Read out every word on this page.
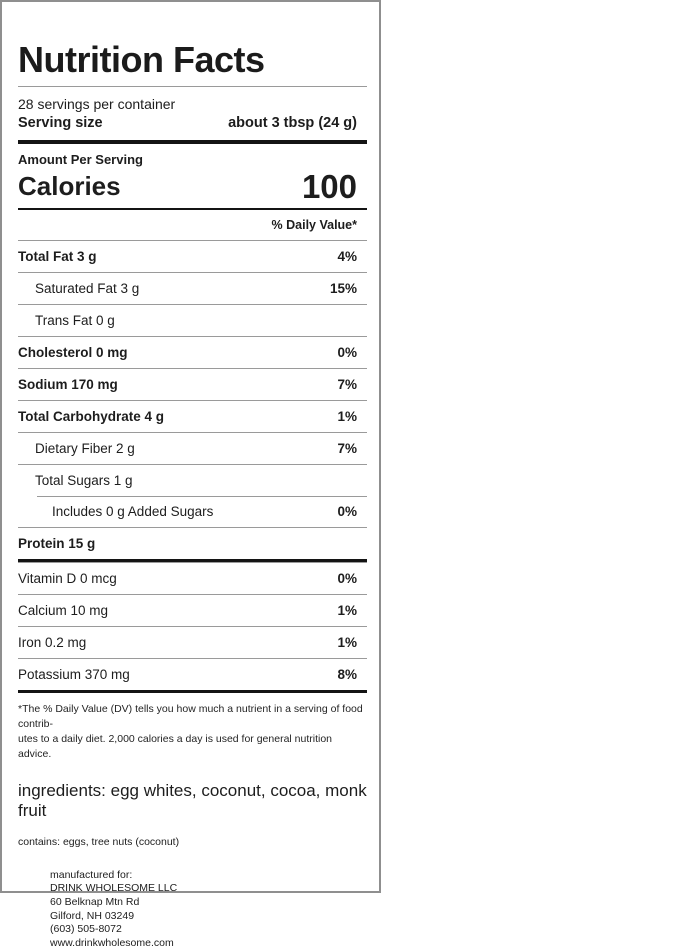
Nutrition Facts
28 servings per container
Serving size	about 3 tbsp (24 g)
Amount Per Serving
Calories	100
% Daily Value*
Total Fat 3 g	4%
Saturated Fat 3 g	15%
Trans Fat 0 g
Cholesterol 0 mg	0%
Sodium 170 mg	7%
Total Carbohydrate 4 g	1%
Dietary Fiber 2 g	7%
Total Sugars 1 g
Includes 0 g Added Sugars	0%
Protein 15 g
Vitamin D 0 mcg	0%
Calcium 10 mg	1%
Iron 0.2 mg	1%
Potassium 370 mg	8%
*The % Daily Value (DV) tells you how much a nutrient in a serving of food contrib-
utes to a daily diet. 2,000 calories a day is used for general nutrition advice.
ingredients: egg whites, coconut, cocoa, monk fruit
contains: eggs, tree nuts (coconut)
manufactured for:
DRINK WHOLESOME LLC
60 Belknap Mtn Rd
Gilford, NH 03249
(603) 505-8072
www.drinkwholesome.com
